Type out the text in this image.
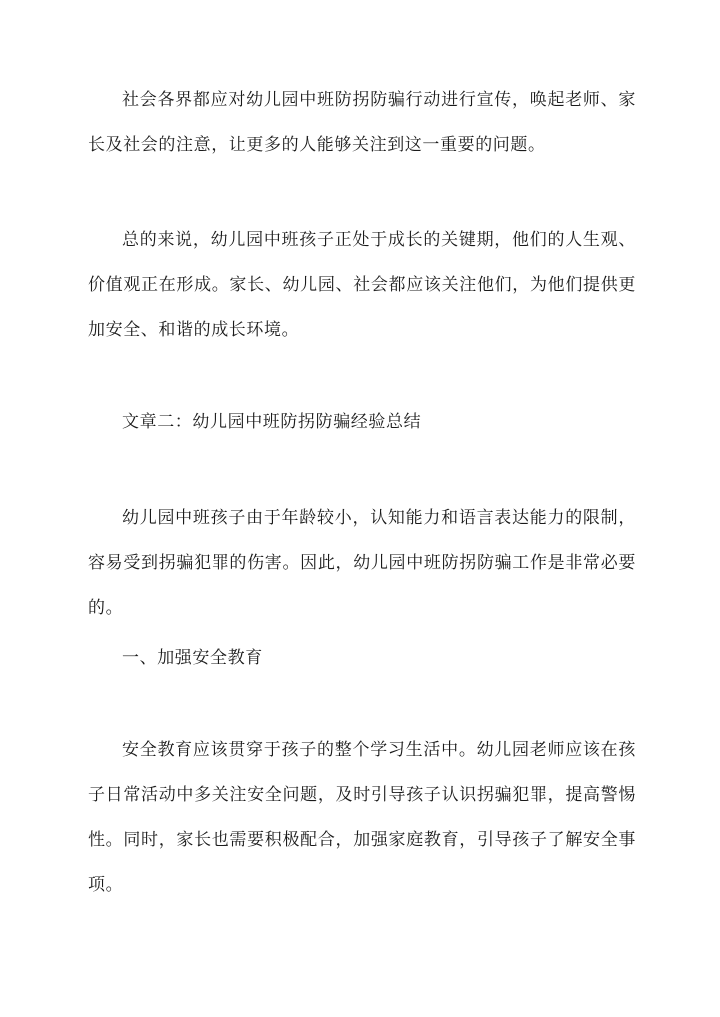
社会各界都应对幼儿园中班防拐防骗行动进行宣传，唤起老师、家长及社会的注意，让更多的人能够关注到这一重要的问题。

总的来说，幼儿园中班孩子正处于成长的关键期，他们的人生观、价值观正在形成。家长、幼儿园、社会都应该关注他们，为他们提供更加安全、和谐的成长环境。

文章二：幼儿园中班防拐防骗经验总结

幼儿园中班孩子由于年龄较小，认知能力和语言表达能力的限制，容易受到拐骗犯罪的伤害。因此，幼儿园中班防拐防骗工作是非常必要的。

一、加强安全教育

安全教育应该贯穿于孩子的整个学习生活中。幼儿园老师应该在孩子日常活动中多关注安全问题，及时引导孩子认识拐骗犯罪，提高警惕性。同时，家长也需要积极配合，加强家庭教育，引导孩子了解安全事项。
